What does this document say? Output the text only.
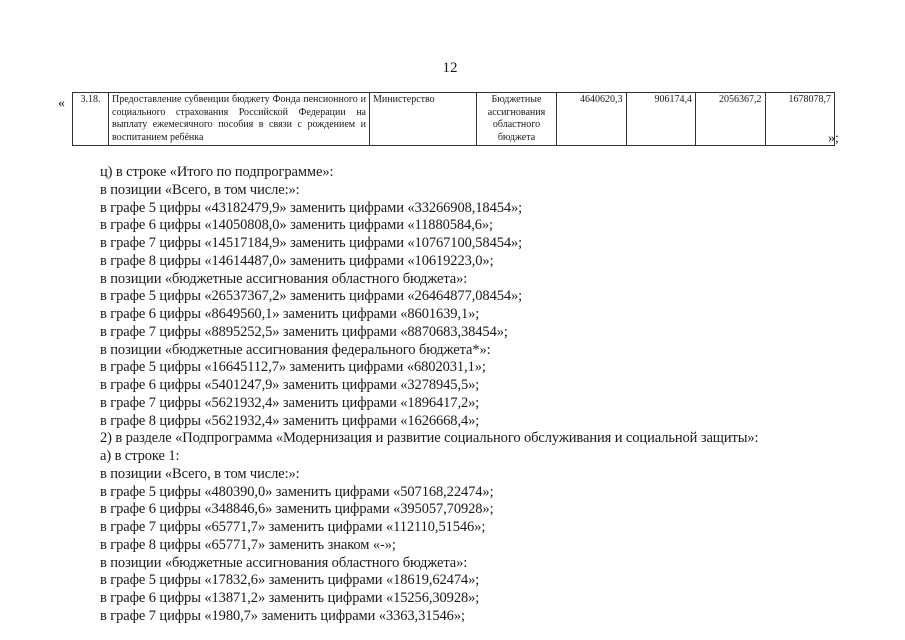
12
« 3.18.	Предоставление субвенции бюджету Фонда пенсионного и социального страхования Российской Федерации на выплату ежемесячного пособия в связи с рождением и воспитанием ребёнка	Министерство	Бюджетные ассигнования областного бюджета	4640620,3	906174,4	2056367,2	1678078,7
»;
ц) в строке «Итого по подпрограмме»:
в позиции «Всего, в том числе:»:
в графе 5 цифры «43182479,9» заменить цифрами «33266908,18454»;
в графе 6 цифры «14050808,0» заменить цифрами «11880584,6»;
в графе 7 цифры «14517184,9» заменить цифрами «10767100,58454»;
в графе 8 цифры «14614487,0» заменить цифрами «10619223,0»;
в позиции «бюджетные ассигнования областного бюджета»:
в графе 5 цифры «26537367,2» заменить цифрами «26464877,08454»;
в графе 6 цифры «8649560,1» заменить цифрами «8601639,1»;
в графе 7 цифры «8895252,5» заменить цифрами «8870683,38454»;
в позиции «бюджетные ассигнования федерального бюджета*»:
в графе 5 цифры «16645112,7» заменить цифрами «6802031,1»;
в графе 6 цифры «5401247,9» заменить цифрами «3278945,5»;
в графе 7 цифры «5621932,4» заменить цифрами «1896417,2»;
в графе 8 цифры «5621932,4» заменить цифрами «1626668,4»;
2) в разделе «Подпрограмма «Модернизация и развитие социального обслуживания и социальной защиты»:
а) в строке 1:
в позиции «Всего, в том числе:»:
в графе 5 цифры «480390,0» заменить цифрами «507168,22474»;
в графе 6 цифры «348846,6» заменить цифрами «395057,70928»;
в графе 7 цифры «65771,7» заменить цифрами «112110,51546»;
в графе 8 цифры «65771,7» заменить знаком «-»;
в позиции «бюджетные ассигнования областного бюджета»:
в графе 5 цифры «17832,6» заменить цифрами «18619,62474»;
в графе 6 цифры «13871,2» заменить цифрами «15256,30928»;
в графе 7 цифры «1980,7» заменить цифрами «3363,31546»;
